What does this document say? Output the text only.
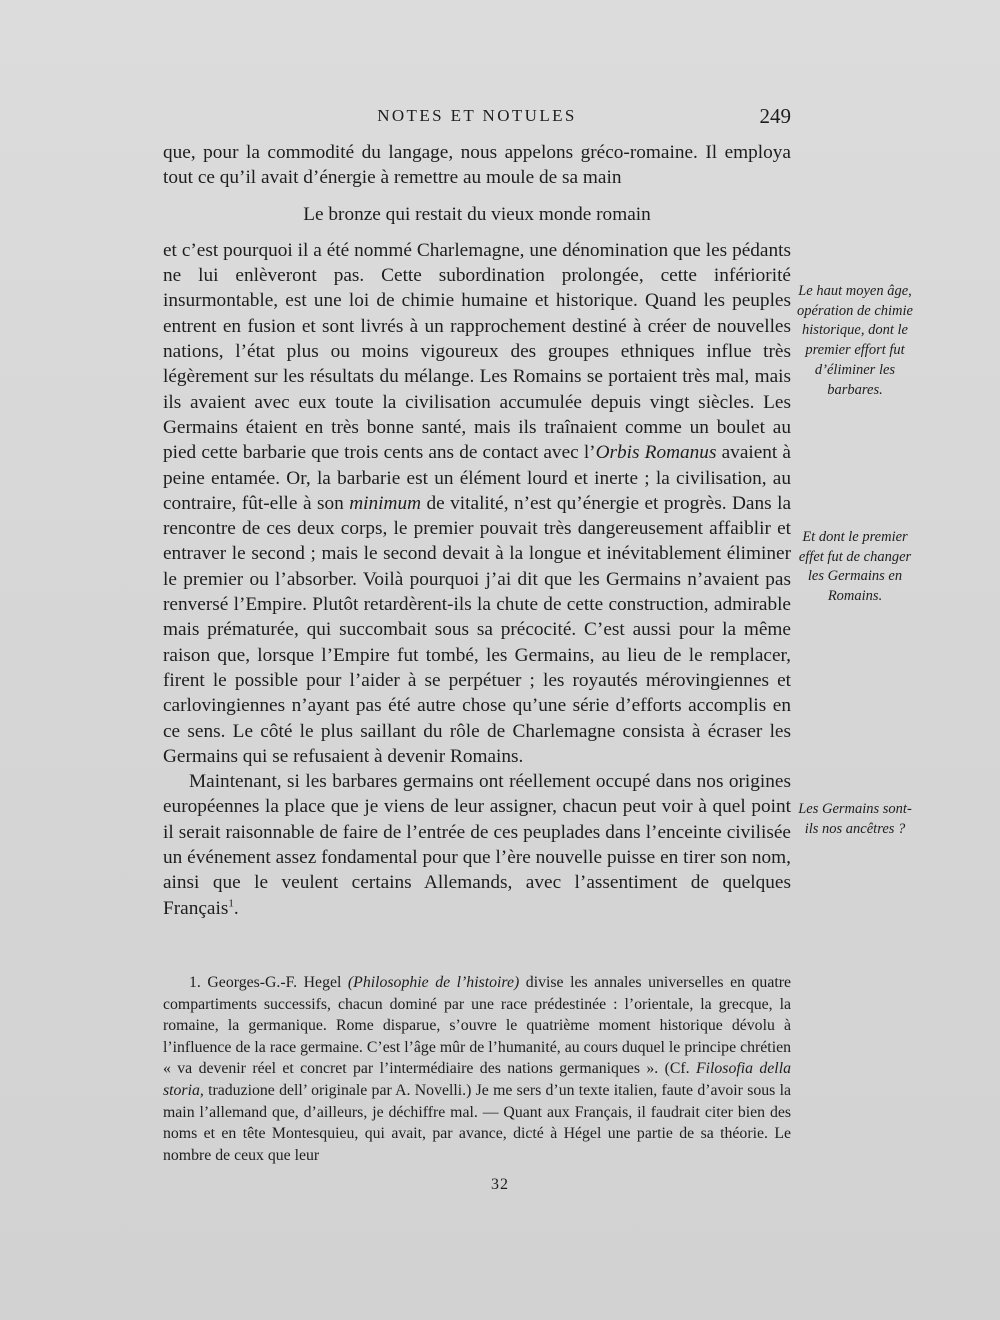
NOTES ET NOTULES	249

que, pour la commodité du langage, nous appelons gréco-romaine. Il employa tout ce qu’il avait d’énergie à remettre au moule de sa main

Le bronze qui restait du vieux monde romain

et c’est pourquoi il a été nommé Charlemagne, une dénomination que les pédants ne lui enlèveront pas. Cette subordination prolongée, cette infériorité insurmontable, est une loi de chimie humaine et historique. Quand les peuples entrent en fusion et sont livrés à un rapprochement destiné à créer de nouvelles nations, l’état plus ou moins vigoureux des groupes ethniques influe très légèrement sur les résultats du mélange. Les Romains se portaient très mal, mais ils avaient avec eux toute la civilisation accumulée depuis vingt siècles. Les Germains étaient en très bonne santé, mais ils traînaient comme un boulet au pied cette barbarie que trois cents ans de contact avec l’Orbis Romanus avaient à peine entamée. Or, la barbarie est un élément lourd et inerte ; la civilisation, au contraire, fût-elle à son minimum de vitalité, n’est qu’énergie et progrès. Dans la rencontre de ces deux corps, le premier pouvait très dangereusement affaiblir et entraver le second ; mais le second devait à la longue et inévitablement éliminer le premier ou l’absorber. Voilà pourquoi j’ai dit que les Germains n’avaient pas renversé l’Empire. Plutôt retardèrent-ils la chute de cette construction, admirable mais prématurée, qui succombait sous sa précocité. C’est aussi pour la même raison que, lorsque l’Empire fut tombé, les Germains, au lieu de le remplacer, firent le possible pour l’aider à se perpétuer ; les royautés mérovingiennes et carlovingiennes n’ayant pas été autre chose qu’une série d’efforts accomplis en ce sens. Le côté le plus saillant du rôle de Charlemagne consista à écraser les Germains qui se refusaient à devenir Romains.

Maintenant, si les barbares germains ont réellement occupé dans nos origines européennes la place que je viens de leur assigner, chacun peut voir à quel point il serait raisonnable de faire de l’entrée de ces peuplades dans l’enceinte civilisée un événement assez fondamental pour que l’ère nouvelle puisse en tirer son nom, ainsi que le veulent certains Allemands, avec l’assentiment de quelques Français$^1$.

Le haut moyen âge, opération de chimie historique, dont le premier effort fut d’éliminer les barbares.
Et dont le premier effet fut de changer les Germains en Romains.
Les Germains sont-ils nos ancêtres ?

1. Georges-G.-F. Hegel (Philosophie de l’histoire) divise les annales universelles en quatre compartiments successifs, chacun dominé par une race prédestinée : l’orientale, la grecque, la romaine, la germanique. Rome disparue, s’ouvre le quatrième moment historique dévolu à l’influence de la race germaine. C’est l’âge mûr de l’humanité, au cours duquel le principe chrétien « va devenir réel et concret par l’intermédiaire des nations germaniques ». (Cf. Filosofia della storia, traduzione dell’ originale par A. Novelli.) Je me sers d’un texte italien, faute d’avoir sous la main l’allemand que, d’ailleurs, je déchiffre mal. — Quant aux Français, il faudrait citer bien des noms et en tête Montesquieu, qui avait, par avance, dicté à Hégel une partie de sa théorie. Le nombre de ceux que leur

32
